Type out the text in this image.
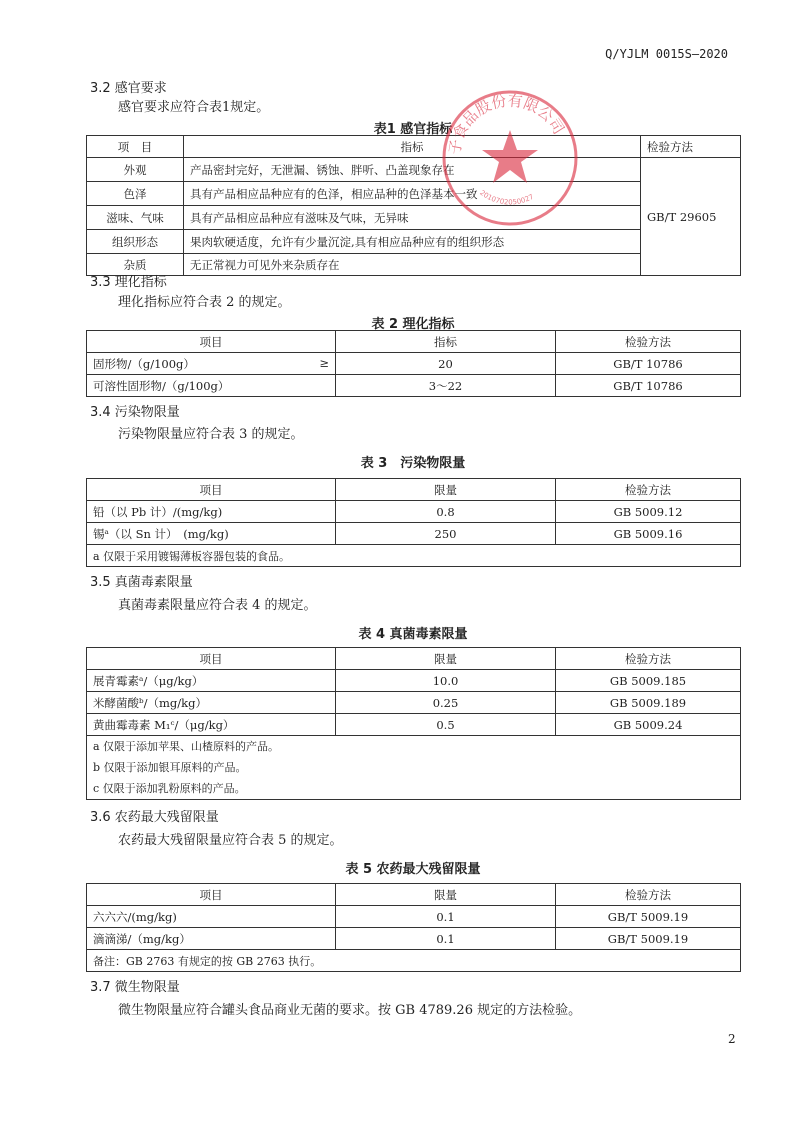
Q/YJLM 0015S—2020
3.2 感官要求
感官要求应符合表1规定。
表1 感官指标
项　目	指标	检验方法
外观	产品密封完好，无泄漏、锈蚀、胖听、凸盖现象存在	GB/T 29605
色泽	具有产品相应品种应有的色泽，相应品种的色泽基本一致	
滋味、气味	具有产品相应品种应有滋味及气味，无异味	
组织形态	果肉软硬适度，允许有少量沉淀,具有相应品种应有的组织形态	
杂质	无正常视力可见外来杂质存在	
子食品股份有限公司
2010702050027
3.3 理化指标
理化指标应符合表 2 的规定。
表 2 理化指标
项目	指标	检验方法
固形物/（g/100g） ≥	20	GB/T 10786
可溶性固形物/（g/100g）	3～22	GB/T 10786
3.4 污染物限量
污染物限量应符合表 3 的规定。
表 3　污染物限量
项目	限量	检验方法
铅（以 Pb 计）/(mg/kg)	0.8	GB 5009.12
锡ᵃ（以 Sn 计）　(mg/kg)	250	GB 5009.16
a 仅限于采用镀锡薄板容器包装的食品。		
3.5 真菌毒素限量
真菌毒素限量应符合表 4 的规定。
表 4 真菌毒素限量
项目	限量	检验方法
展青霉素ᵃ/（μg/kg）	10.0	GB 5009.185
米酵菌酸ᵇ/（mg/kg）	0.25	GB 5009.189
黄曲霉毒素 M₁ᶜ/（μg/kg）	0.5	GB 5009.24

a 仅限于添加苹果、山楂原料的产品。
b 仅限于添加银耳原料的产品。
c 仅限于添加乳粉原料的产品。		
3.6 农药最大残留限量
农药最大残留限量应符合表 5 的规定。
表 5 农药最大残留限量
项目	限量	检验方法
六六六/(mg/kg)	0.1	GB/T 5009.19
滴滴涕/（mg/kg）	0.1	GB/T 5009.19
备注：GB 2763 有规定的按 GB 2763 执行。		
3.7 微生物限量
微生物限量应符合罐头食品商业无菌的要求。按 GB 4789.26 规定的方法检验。
2
